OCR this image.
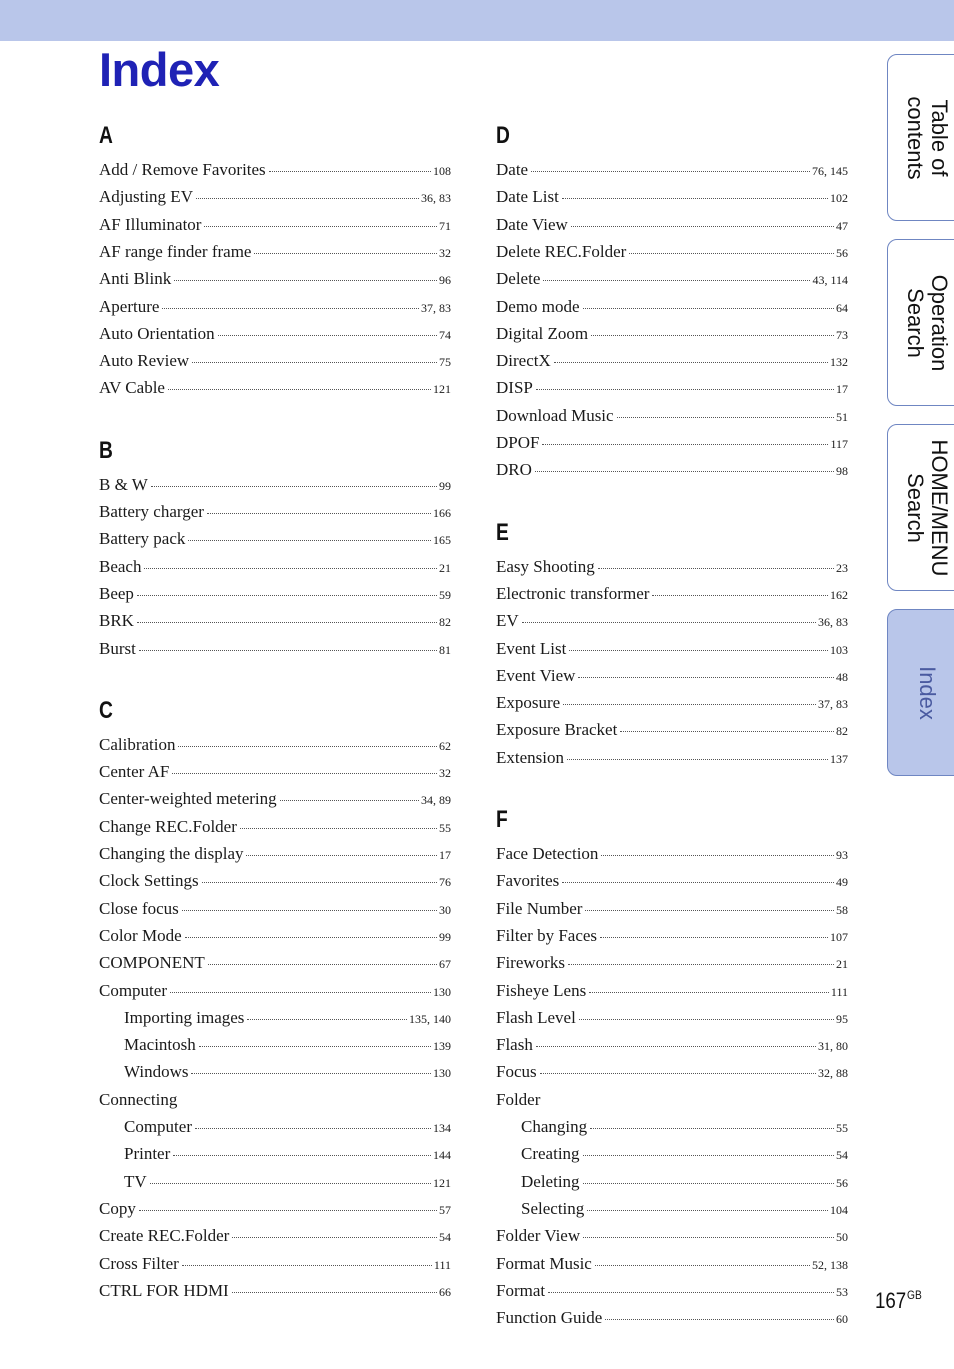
Index
A
Add / Remove Favorites	108
Adjusting EV	36, 83
AF Illuminator	71
AF range finder frame	32
Anti Blink	96
Aperture	37, 83
Auto Orientation	74
Auto Review	75
AV Cable	121
B
B & W	99
Battery charger	166
Battery pack	165
Beach	21
Beep	59
BRK	82
Burst	81
C
Calibration	62
Center AF	32
Center-weighted metering	34, 89
Change REC.Folder	55
Changing the display	17
Clock Settings	76
Close focus	30
Color Mode	99
COMPONENT	67
Computer	130
Importing images	135, 140
Macintosh	139
Windows	130
Connecting
Computer	134
Printer	144
TV	121
Copy	57
Create REC.Folder	54
Cross Filter	111
CTRL FOR HDMI	66
D
Date	76, 145
Date List	102
Date View	47
Delete REC.Folder	56
Delete	43, 114
Demo mode	64
Digital Zoom	73
DirectX	132
DISP	17
Download Music	51
DPOF	117
DRO	98
E
Easy Shooting	23
Electronic transformer	162
EV	36, 83
Event List	103
Event View	48
Exposure	37, 83
Exposure Bracket	82
Extension	137
F
Face Detection	93
Favorites	49
File Number	58
Filter by Faces	107
Fireworks	21
Fisheye Lens	111
Flash Level	95
Flash	31, 80
Focus	32, 88
Folder
Changing	55
Creating	54
Deleting	56
Selecting	104
Folder View	50
Format Music	52, 138
Format	53
Function Guide	60
Table of
contents
Operation
Search
HOME/MENU
Search
Index
$167^{GB}$
